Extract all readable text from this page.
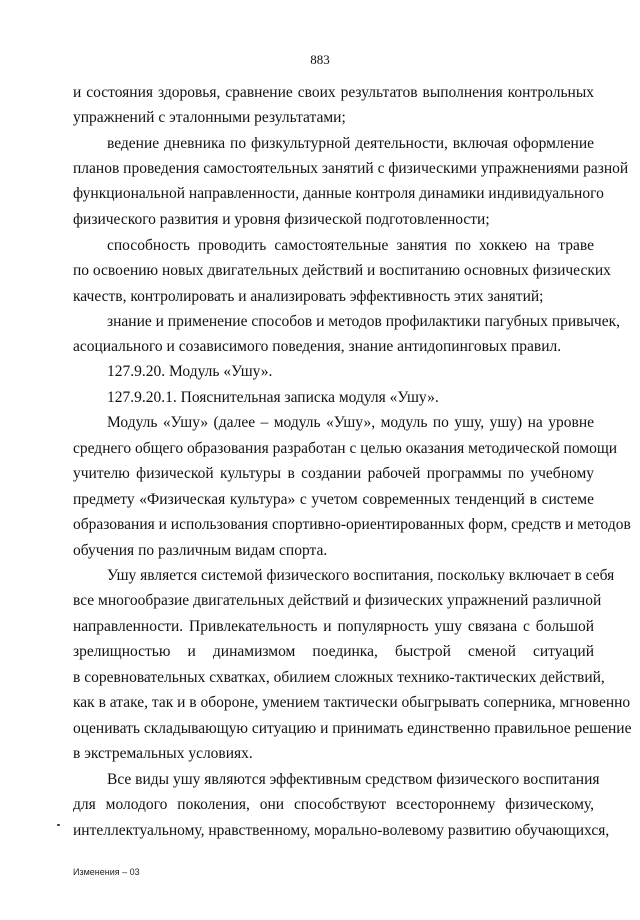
883
и состояния здоровья, сравнение своих результатов выполнения контрольных
упражнений с эталонными результатами;
ведение дневника по физкультурной деятельности, включая оформление
планов проведения самостоятельных занятий с физическими упражнениями разной
функциональной направленности, данные контроля динамики индивидуального
физического развития и уровня физической подготовленности;
способность проводить самостоятельные занятия по хоккею на траве
по освоению новых двигательных действий и воспитанию основных физических
качеств, контролировать и анализировать эффективность этих занятий;
знание и применение способов и методов профилактики пагубных привычек,
асоциального и созависимого поведения, знание антидопинговых правил.
127.9.20. Модуль «Ушу».
127.9.20.1. Пояснительная записка модуля «Ушу».
Модуль «Ушу» (далее – модуль «Ушу», модуль по ушу, ушу) на уровне
среднего общего образования разработан с целью оказания методической помощи
учителю физической культуры в создании рабочей программы по учебному
предмету «Физическая культура» с учетом современных тенденций в системе
образования и использования спортивно-ориентированных форм, средств и методов
обучения по различным видам спорта.
Ушу является системой физического воспитания, поскольку включает в себя
все многообразие двигательных действий и физических упражнений различной
направленности. Привлекательность и популярность ушу связана с большой
зрелищностью и динамизмом поединка, быстрой сменой ситуаций
в соревновательных схватках, обилием сложных технико-тактических действий,
как в атаке, так и в обороне, умением тактически обыгрывать соперника, мгновенно
оценивать складывающую ситуацию и принимать единственно правильное решение
в экстремальных условиях.
Все виды ушу являются эффективным средством физического воспитания
для молодого поколения, они способствуют всестороннему физическому,
интеллектуальному, нравственному, морально-волевому развитию обучающихся,
Изменения – 03
